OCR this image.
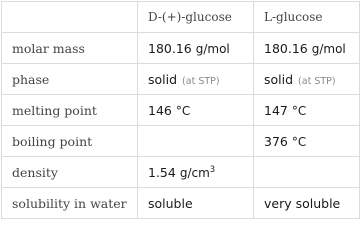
	D-(+)-glucose	L-glucose
molar mass	180.16 g/mol	180.16 g/mol
phase	solid (at STP)	solid (at STP)
melting point	146 °C	147 °C
boiling point		376 °C
density	1.54 $g/cm^3$	
solubility in water	soluble	very soluble
